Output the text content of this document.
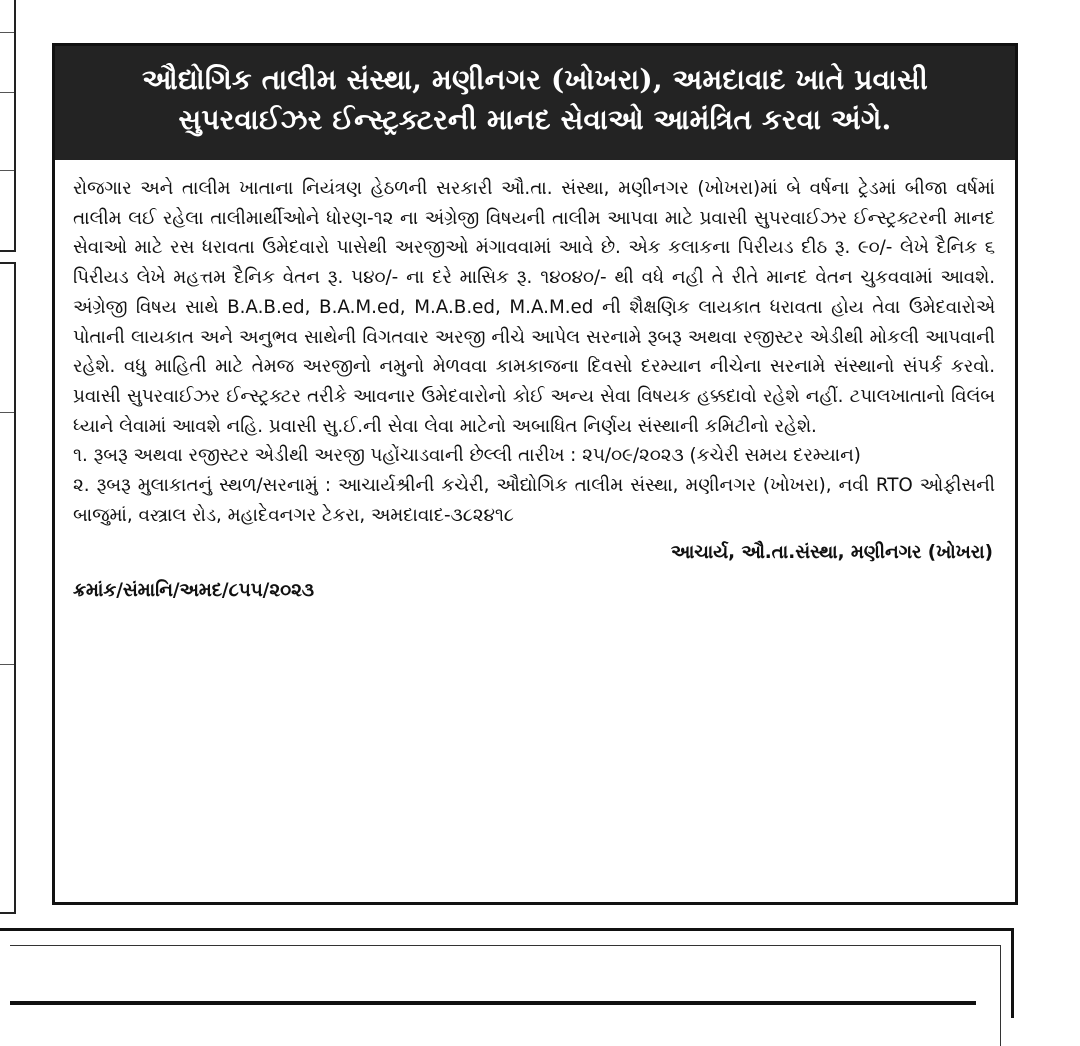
ઔદ્યોગિક તાલીમ સંસ્થા, મણીનગર (ખોખરા), અમદાવાદ ખાતે પ્રવાસી
સુપરવાઈઝર ઈન્સ્ટ્રક્ટરની માનદ સેવાઓ આમંત્રિત કરવા અંગે.

રોજગાર અને તાલીમ ખાતાના નિયંત્રણ હેઠળની સરકારી ઔ.તા. સંસ્થા, મણીનગર (ખોખરા)માં બે વર્ષના ટ્રેડમાં બીજા વર્ષમાં તાલીમ લઈ રહેલા તાલીમાર્થીઓને ધોરણ-૧૨ ના અંગ્રેજી વિષયની તાલીમ આપવા માટે પ્રવાસી સુપરવાઈઝર ઈન્સ્ટ્રક્ટરની માનદ સેવાઓ માટે રસ ધરાવતા ઉમેદવારો પાસેથી અરજીઓ મંગાવવામાં આવે છે. એક કલાકના પિરીયડ દીઠ રૂ. ૯૦/- લેખે દૈનિક ૬ પિરીયડ લેખે મહત્તમ દૈનિક વેતન રૂ. ૫૪૦/- ના દરે માસિક રૂ. ૧૪૦૪૦/- થી વધે નહી તે રીતે માનદ વેતન ચુકવવામાં આવશે. અંગ્રેજી વિષય સાથે B.A.B.ed, B.A.M.ed, M.A.B.ed, M.A.M.ed ની શૈક્ષણિક લાયકાત ધરાવતા હોય તેવા ઉમેદવારોએ પોતાની લાયકાત અને અનુભવ સાથેની વિગતવાર અરજી નીચે આપેલ સરનામે રૂબરૂ અથવા રજીસ્ટર એડીથી મોકલી આપવાની રહેશે. વધુ માહિતી માટે તેમજ અરજીનો નમુનો મેળવવા કામકાજના દિવસો દરમ્યાન નીચેના સરનામે સંસ્થાનો સંપર્ક કરવો. પ્રવાસી સુપરવાઈઝર ઈન્સ્ટ્રક્ટર તરીકે આવનાર ઉમેદવારોનો કોઈ અન્ય સેવા વિષયક હક્કદાવો રહેશે નહીં. ટપાલખાતાનો વિલંબ ધ્યાને લેવામાં આવશે નહિ. પ્રવાસી સુ.ઈ.ની સેવા લેવા માટેનો અબાધિત નિર્ણય સંસ્થાની કમિટીનો રહેશે.

૧. રૂબરૂ અથવા રજીસ્ટર એડીથી અરજી પહોંચાડવાની છેલ્લી તારીખ : ૨૫/૦૯/૨૦૨૩ (કચેરી સમય દરમ્યાન)

૨. રૂબરૂ મુલાકાતનું સ્થળ/સરનામું : આચાર્યશ્રીની કચેરી, ઔદ્યોગિક તાલીમ સંસ્થા, મણીનગર (ખોખરા), નવી RTO ઓફીસની બાજુમાં, વસ્ત્રાલ રોડ, મહાદેવનગર ટેકરા, અમદાવાદ-૩૮૨૪૧૮

આચાર્ય, ઔ.તા.સંસ્થા, મણીનગર (ખોખરા)

ક્રમાંક/સંમાનિ/અમદ/૮૫૫/૨૦૨૩
